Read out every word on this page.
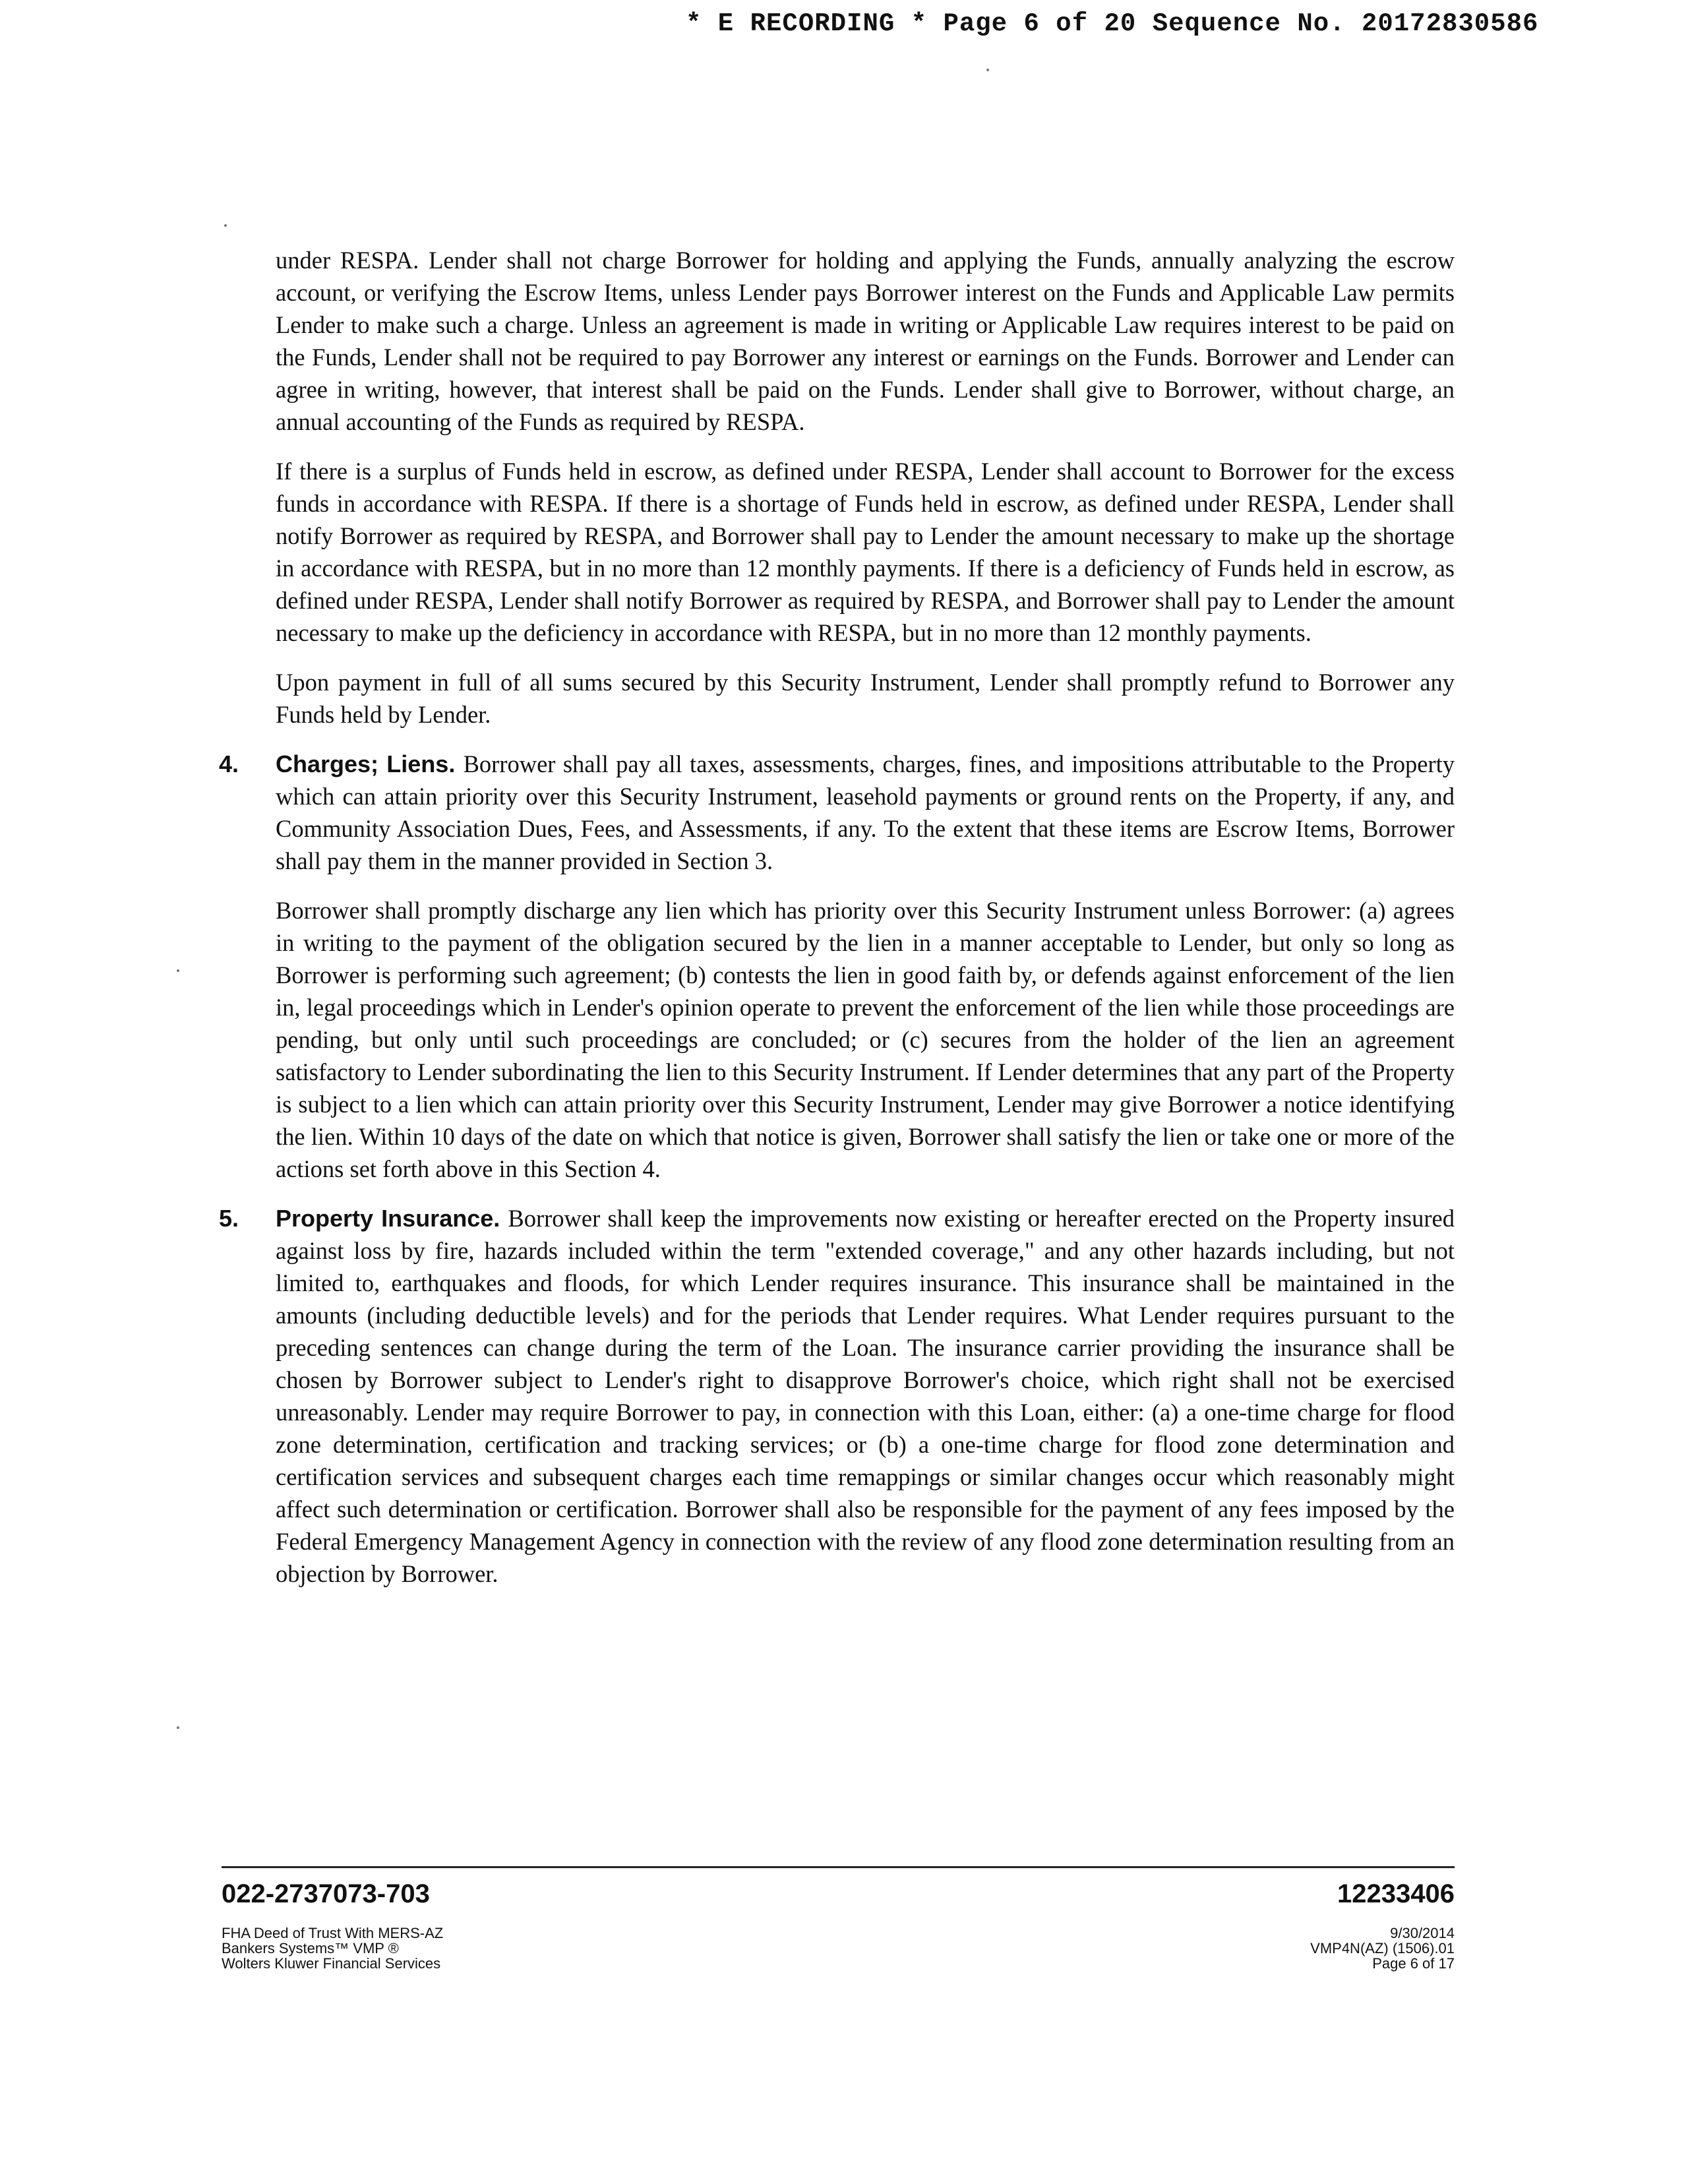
* E RECORDING * Page 6 of 20 Sequence No. 20172830586

under RESPA. Lender shall not charge Borrower for holding and applying the Funds, annually analyzing the escrow account, or verifying the Escrow Items, unless Lender pays Borrower interest on the Funds and Applicable Law permits Lender to make such a charge. Unless an agreement is made in writing or Applicable Law requires interest to be paid on the Funds, Lender shall not be required to pay Borrower any interest or earnings on the Funds. Borrower and Lender can agree in writing, however, that interest shall be paid on the Funds. Lender shall give to Borrower, without charge, an annual accounting of the Funds as required by RESPA.

If there is a surplus of Funds held in escrow, as defined under RESPA, Lender shall account to Borrower for the excess funds in accordance with RESPA. If there is a shortage of Funds held in escrow, as defined under RESPA, Lender shall notify Borrower as required by RESPA, and Borrower shall pay to Lender the amount necessary to make up the shortage in accordance with RESPA, but in no more than 12 monthly payments. If there is a deficiency of Funds held in escrow, as defined under RESPA, Lender shall notify Borrower as required by RESPA, and Borrower shall pay to Lender the amount necessary to make up the deficiency in accordance with RESPA, but in no more than 12 monthly payments.

Upon payment in full of all sums secured by this Security Instrument, Lender shall promptly refund to Borrower any Funds held by Lender.

4. Charges; Liens. Borrower shall pay all taxes, assessments, charges, fines, and impositions attributable to the Property which can attain priority over this Security Instrument, leasehold payments or ground rents on the Property, if any, and Community Association Dues, Fees, and Assessments, if any. To the extent that these items are Escrow Items, Borrower shall pay them in the manner provided in Section 3.

Borrower shall promptly discharge any lien which has priority over this Security Instrument unless Borrower: (a) agrees in writing to the payment of the obligation secured by the lien in a manner acceptable to Lender, but only so long as Borrower is performing such agreement; (b) contests the lien in good faith by, or defends against enforcement of the lien in, legal proceedings which in Lender's opinion operate to prevent the enforcement of the lien while those proceedings are pending, but only until such proceedings are concluded; or (c) secures from the holder of the lien an agreement satisfactory to Lender subordinating the lien to this Security Instrument. If Lender determines that any part of the Property is subject to a lien which can attain priority over this Security Instrument, Lender may give Borrower a notice identifying the lien. Within 10 days of the date on which that notice is given, Borrower shall satisfy the lien or take one or more of the actions set forth above in this Section 4.

5. Property Insurance. Borrower shall keep the improvements now existing or hereafter erected on the Property insured against loss by fire, hazards included within the term "extended coverage," and any other hazards including, but not limited to, earthquakes and floods, for which Lender requires insurance. This insurance shall be maintained in the amounts (including deductible levels) and for the periods that Lender requires. What Lender requires pursuant to the preceding sentences can change during the term of the Loan. The insurance carrier providing the insurance shall be chosen by Borrower subject to Lender's right to disapprove Borrower's choice, which right shall not be exercised unreasonably. Lender may require Borrower to pay, in connection with this Loan, either: (a) a one-time charge for flood zone determination, certification and tracking services; or (b) a one-time charge for flood zone determination and certification services and subsequent charges each time remappings or similar changes occur which reasonably might affect such determination or certification. Borrower shall also be responsible for the payment of any fees imposed by the Federal Emergency Management Agency in connection with the review of any flood zone determination resulting from an objection by Borrower.
022-2737073-703	12233406
FHA Deed of Trust With MERS-AZ
Bankers Systems™ VMP ®
Wolters Kluwer Financial Services
9/30/2014
VMP4N(AZ) (1506).01
Page 6 of 17
